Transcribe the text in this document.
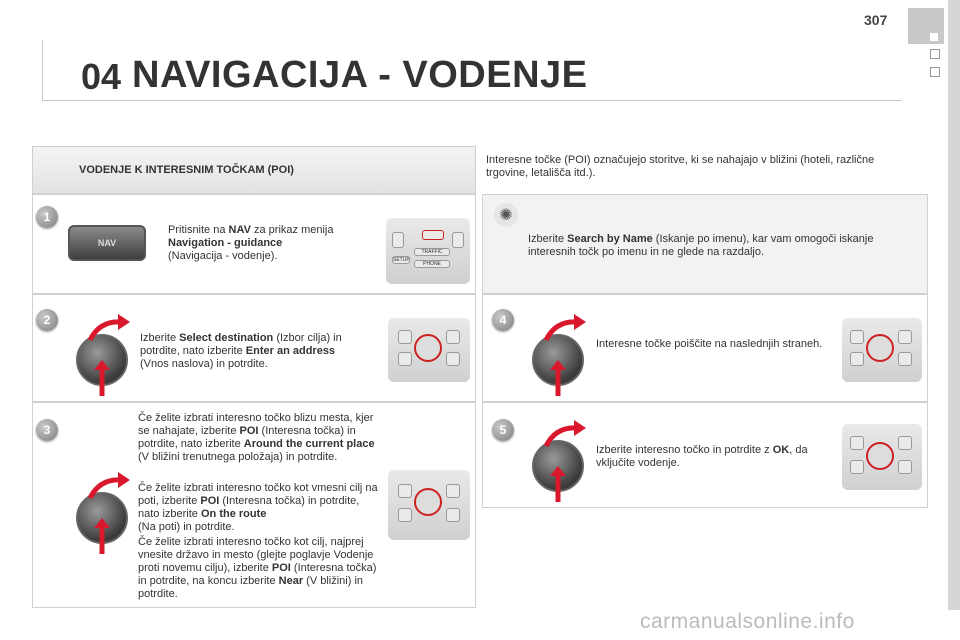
307
04 NAVIGACIJA - VODENJE
VODENJE K INTERESNIM TOČKAM (POI)
Interesne točke (POI) označujejo storitve, ki se nahajajo v bližini (hoteli, različne trgovine, letališča itd.).
1
NAV
Pritisnite na NAV za prikaz menija
Navigation - guidance
(Navigacija - vodenje).	TRAFFIC
PHONE
SETUP
2
Izberite Select destination (Izbor cilja) in potrdite, nato izberite Enter an address
(Vnos naslova) in potrdite.
3
Če želite izbrati interesno točko blizu mesta, kjer se nahajate, izberite POI (Interesna točka) in potrdite, nato izberite Around the current place (V bližini trenutnega položaja) in potrdite.
Če želite izbrati interesno točko kot vmesni cilj na poti, izberite POI (Interesna točka) in potrdite, nato izberite On the route
(Na poti) in potrdite.
Če želite izbrati interesno točko kot cilj, najprej vnesite državo in mesto (glejte poglavje Vodenje proti novemu cilju), izberite POI (Interesna točka) in potrdite, na koncu izberite Near (V bližini) in potrdite.
✺
Izberite Search by Name (Iskanje po imenu), kar vam omogoči iskanje interesnih točk po imenu in ne glede na razdaljo.
4
Interesne točke poiščite na naslednjih straneh.
5
Izberite interesno točko in potrdite z OK, da vključite vodenje.
carmanualsonline.info
